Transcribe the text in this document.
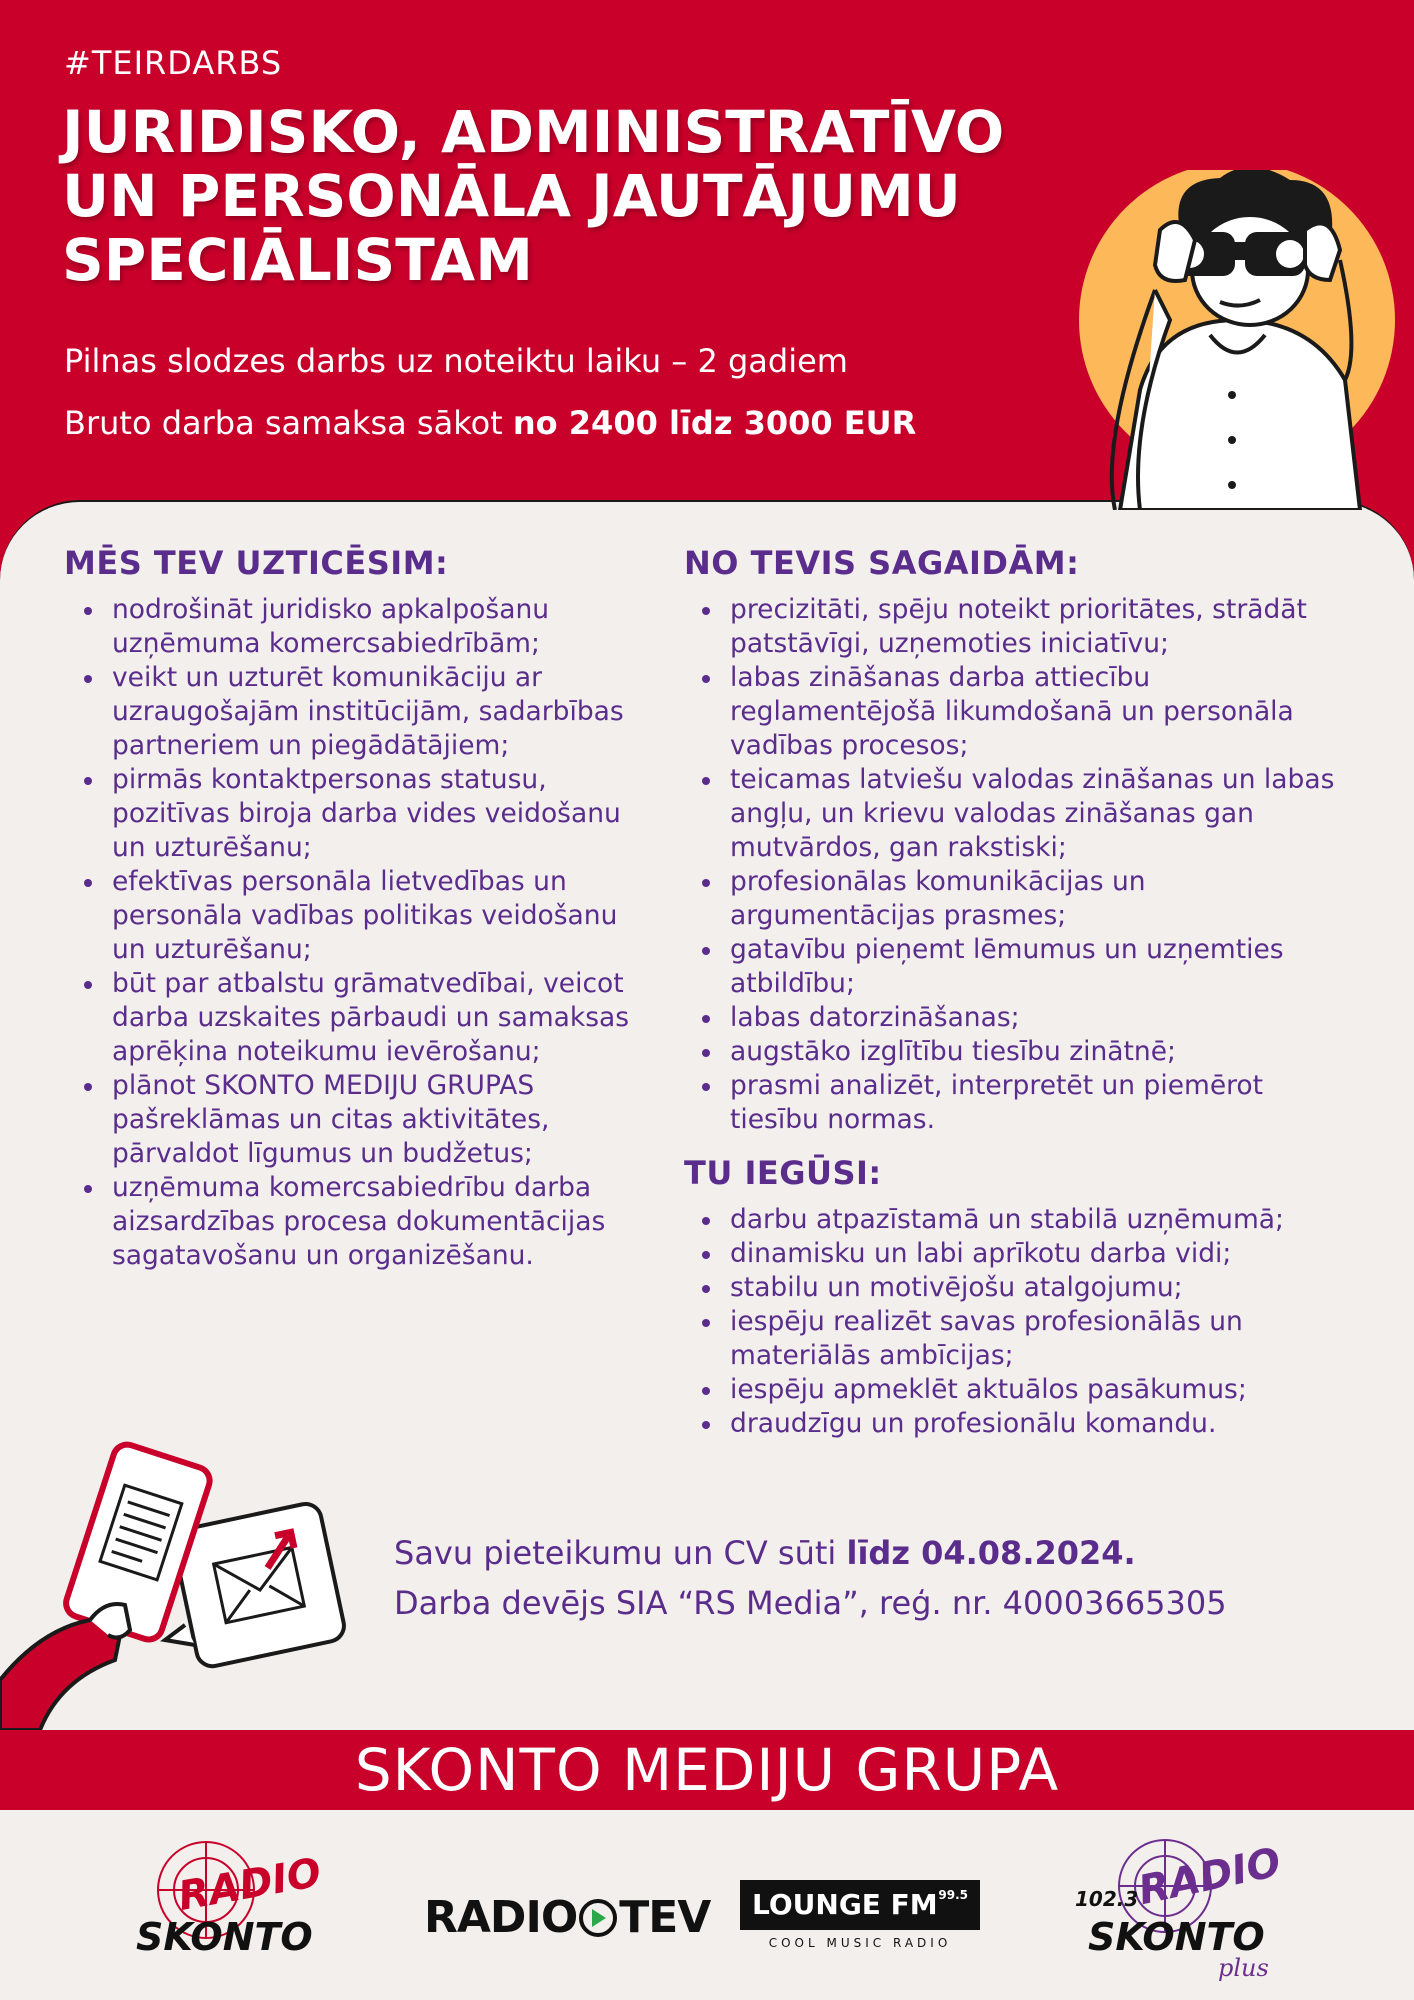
#TEIRDARBS
JURIDISKO, ADMINISTRATĪVO
UN PERSONĀLA JAUTĀJUMU
SPECIĀLISTAM
Pilnas slodzes darbs uz noteiktu laiku – 2 gadiem
Bruto darba samaksa sākot no 2400 līdz 3000 EUR
MĒS TEV UZTICĒSIM:
nodrošināt juridisko apkalpošanu uzņēmuma komercsabiedrībām;
veikt un uzturēt komunikāciju ar uzraugošajām institūcijām, sadarbības partneriem un piegādātājiem;
pirmās kontaktpersonas statusu, pozitīvas biroja darba vides veidošanu un uzturēšanu;
efektīvas personāla lietvedības un personāla vadības politikas veidošanu un uzturēšanu;
būt par atbalstu grāmatvedībai, veicot darba uzskaites pārbaudi un samaksas aprēķina noteikumu ievērošanu;
plānot SKONTO MEDIJU GRUPAS pašreklāmas un citas aktivitātes, pārvaldot līgumus un budžetus;
uzņēmuma komercsabiedrību darba aizsardzības procesa dokumentācijas sagatavošanu un organizēšanu.
NO TEVIS SAGAIDĀM:
precizitāti, spēju noteikt prioritātes, strādāt patstāvīgi, uzņemoties iniciatīvu;
labas zināšanas darba attiecību reglamentējošā likumdošanā un personāla vadības procesos;
teicamas latviešu valodas zināšanas un labas angļu, un krievu valodas zināšanas gan mutvārdos, gan rakstiski;
profesionālas komunikācijas un argumentācijas prasmes;
gatavību pieņemt lēmumus un uzņemties atbildību;
labas datorzināšanas;
augstāko izglītību tiesību zinātnē;
prasmi analizēt, interpretēt un piemērot tiesību normas.
TU IEGŪSI:
darbu atpazīstamā un stabilā uzņēmumā;
dinamisku un labi aprīkotu darba vidi;
stabilu un motivējošu atalgojumu;
iespēju realizēt savas profesionālās un materiālās ambīcijas;
iespēju apmeklēt aktuālos pasākumus;
draudzīgu un profesionālu komandu.
Savu pieteikumu un CV sūti līdz 04.08.2024.
Darba devējs SIA “RS Media”, reģ. nr. 40003665305
SKONTO MEDIJU GRUPA
RADIO
SKONTO	RADIO TEV	LOUNGE FM 99.5
COOL MUSIC RADIO
RADIO
102.3
SKONTO
plus
